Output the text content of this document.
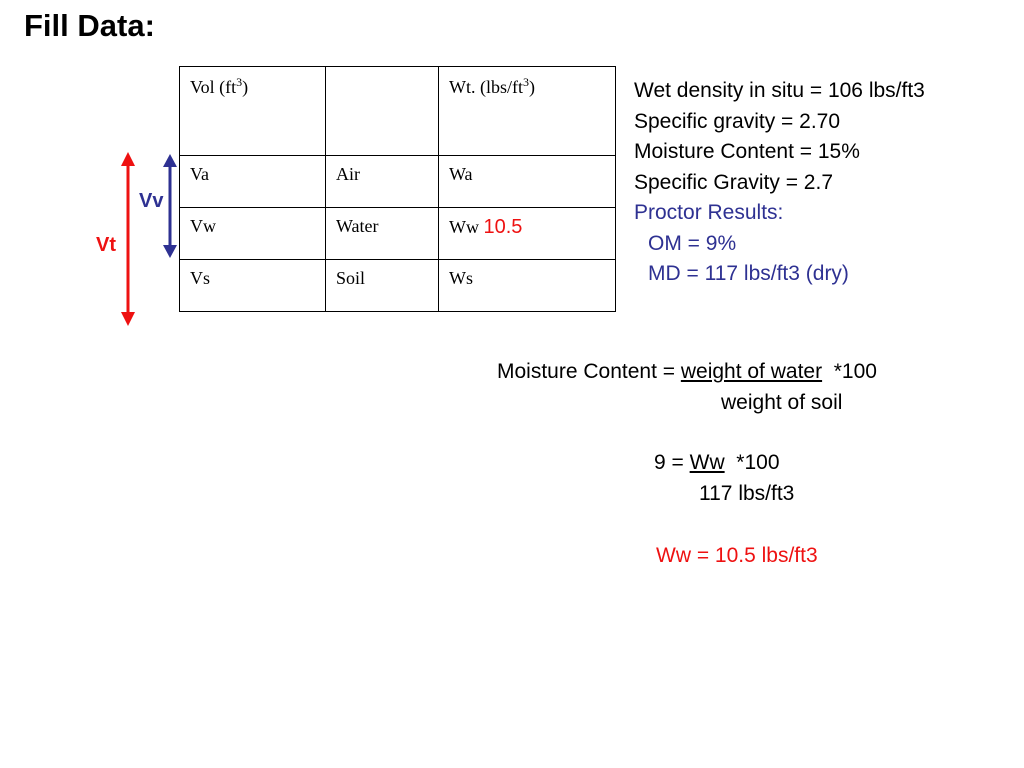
Fill Data:
Vol $(ft^3)$		Wt. $(lbs/ft^3)$
Va	Air	Wa
Vw	Water	Ww 10.5
Vs	Soil	Ws
Vv
Vt
Wet density in situ = 106 lbs/ft3
Specific gravity = 2.70
Moisture Content = 15%
Specific Gravity = 2.7
Proctor Results:
OM = 9%
MD = 117 lbs/ft3 (dry)
Moisture Content = weight of water  *100
weight of soil
9 = Ww  *100
117 lbs/ft3
Ww = 10.5 lbs/ft3
